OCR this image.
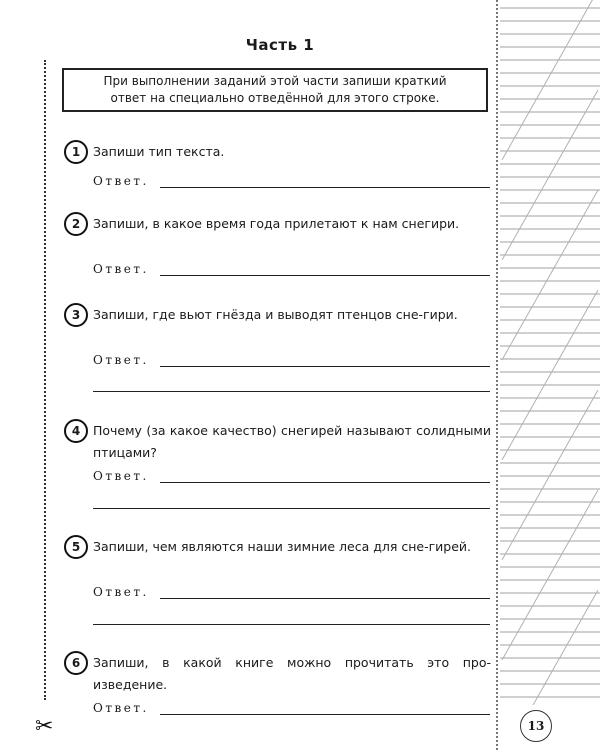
✂
Часть 1
При выполнении заданий этой части запиши краткий
ответ на специально отведённой для этого строке.
1	Запиши тип текста.
Ответ.
2	Запиши, в какое время года прилетают к нам снегири.
Ответ.
3	Запиши, где вьют гнёзда и выводят птенцов сне-гири.
Ответ.
4	Почему (за какое качество) снегирей называют солидными птицами?
Ответ.
5	Запиши, чем являются наши зимние леса для сне-гирей.
Ответ.
6	Запиши, в какой книге можно прочитать это про-изведение.
Ответ.
13
